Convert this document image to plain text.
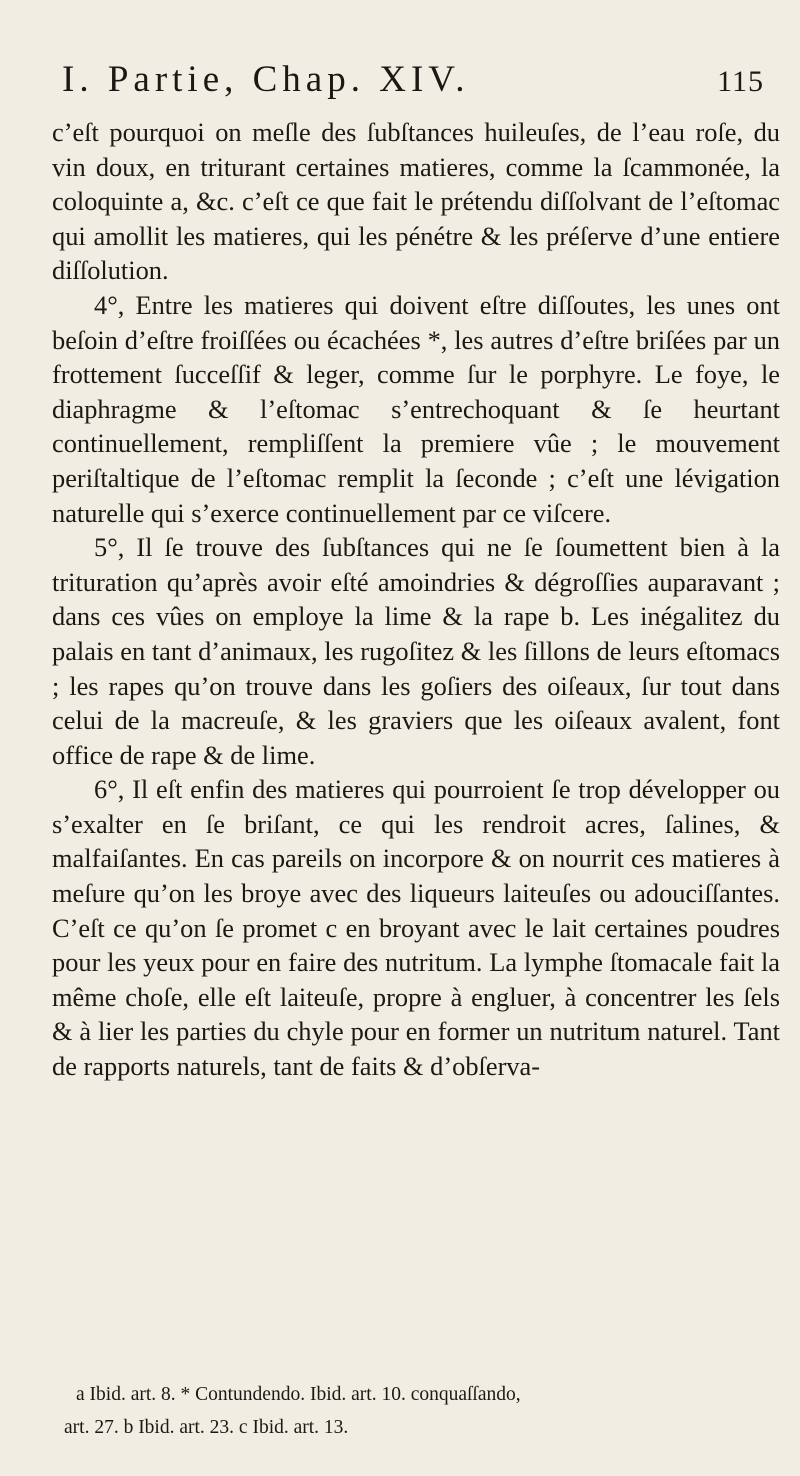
I. Partie, Chap. XIV.	115

c’eſt pourquoi on meſle des ſubſtances huileuſes, de l’eau roſe, du vin doux, en triturant certaines matieres, comme la ſcammonée, la coloquinte a, &c. c’eſt ce que fait le prétendu diſſolvant de l’eſtomac qui amollit les matieres, qui les pénétre & les préſerve d’une entiere diſſolution.

4°, Entre les matieres qui doivent eſtre diſſoutes, les unes ont beſoin d’eſtre froiſſées ou écachées *, les autres d’eſtre briſées par un frottement ſucceſſif & leger, comme ſur le porphyre. Le foye, le diaphragme & l’eſtomac s’entrechoquant & ſe heurtant continuellement, rempliſſent la premiere vûe ; le mouvement periſtaltique de l’eſtomac remplit la ſeconde ; c’eſt une lévigation naturelle qui s’exerce continuellement par ce viſcere.

5°, Il ſe trouve des ſubſtances qui ne ſe ſoumettent bien à la trituration qu’après avoir eſté amoindries & dégroſſies auparavant ; dans ces vûes on employe la lime & la rape b. Les inégalitez du palais en tant d’animaux, les rugoſitez & les ſillons de leurs eſtomacs ; les rapes qu’on trouve dans les goſiers des oiſeaux, ſur tout dans celui de la macreuſe, & les graviers que les oiſeaux avalent, font office de rape & de lime.

6°, Il eſt enfin des matieres qui pourroient ſe trop développer ou s’exalter en ſe briſant, ce qui les rendroit acres, ſalines, & malfaiſantes. En cas pareils on incorpore & on nourrit ces matieres à meſure qu’on les broye avec des liqueurs laiteuſes ou adouciſſantes. C’eſt ce qu’on ſe promet c en broyant avec le lait certaines poudres pour les yeux pour en faire des nutritum. La lymphe ſtomacale fait la même choſe, elle eſt laiteuſe, propre à engluer, à concentrer les ſels & à lier les parties du chyle pour en former un nutritum naturel. Tant de rapports naturels, tant de faits & d’obſerva-

a Ibid. art. 8. * Contundendo. Ibid. art. 10. conquaſſando,

art. 27. b Ibid. art. 23. c Ibid. art. 13.
